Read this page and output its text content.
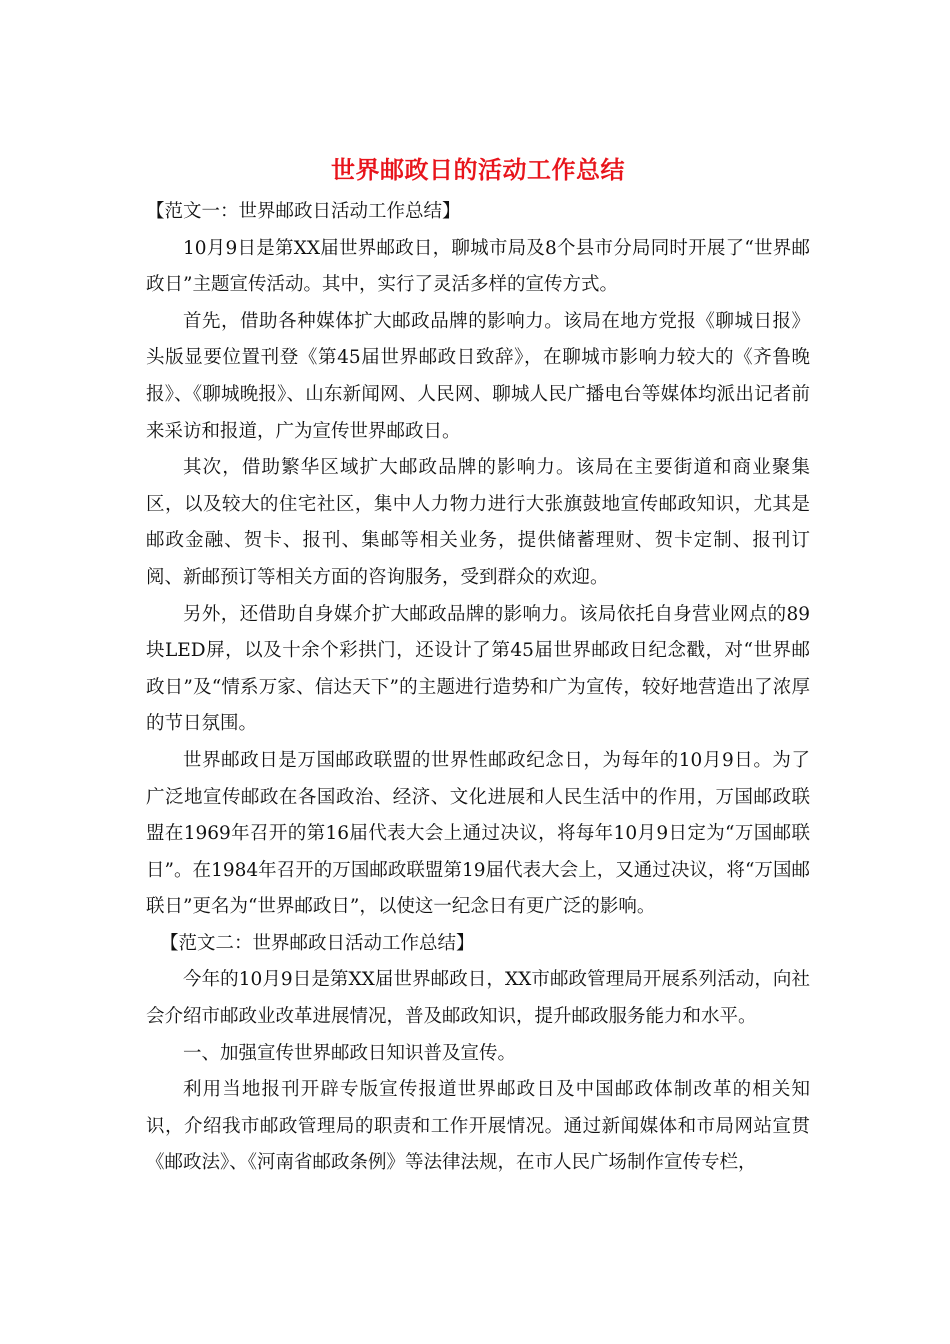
世界邮政日的活动工作总结

【范文一：世界邮政日活动工作总结】

10月9日是第XX届世界邮政日，聊城市局及8个县市分局同时开展了“世界邮政日”主题宣传活动。其中，实行了灵活多样的宣传方式。

首先，借助各种媒体扩大邮政品牌的影响力。该局在地方党报《聊城日报》头版显要位置刊登《第45届世界邮政日致辞》，在聊城市影响力较大的《齐鲁晚报》、《聊城晚报》、山东新闻网、人民网、聊城人民广播电台等媒体均派出记者前来采访和报道，广为宣传世界邮政日。

其次，借助繁华区域扩大邮政品牌的影响力。该局在主要街道和商业聚集区，以及较大的住宅社区，集中人力物力进行大张旗鼓地宣传邮政知识，尤其是邮政金融、贺卡、报刊、集邮等相关业务，提供储蓄理财、贺卡定制、报刊订阅、新邮预订等相关方面的咨询服务，受到群众的欢迎。

另外，还借助自身媒介扩大邮政品牌的影响力。该局依托自身营业网点的89块LED屏，以及十余个彩拱门，还设计了第45届世界邮政日纪念戳，对“世界邮政日”及“情系万家、信达天下”的主题进行造势和广为宣传，较好地营造出了浓厚的节日氛围。

世界邮政日是万国邮政联盟的世界性邮政纪念日，为每年的10月9日。为了广泛地宣传邮政在各国政治、经济、文化进展和人民生活中的作用，万国邮政联盟在1969年召开的第16届代表大会上通过决议，将每年10月9日定为“万国邮联日”。在1984年召开的万国邮政联盟第19届代表大会上，又通过决议，将“万国邮联日”更名为“世界邮政日”，以使这一纪念日有更广泛的影响。

【范文二：世界邮政日活动工作总结】

今年的10月9日是第XX届世界邮政日，XX市邮政管理局开展系列活动，向社会介绍市邮政业改革进展情况，普及邮政知识，提升邮政服务能力和水平。

一、加强宣传世界邮政日知识普及宣传。

利用当地报刊开辟专版宣传报道世界邮政日及中国邮政体制改革的相关知识，介绍我市邮政管理局的职责和工作开展情况。通过新闻媒体和市局网站宣贯《邮政法》、《河南省邮政条例》等法律法规，在市人民广场制作宣传专栏，
